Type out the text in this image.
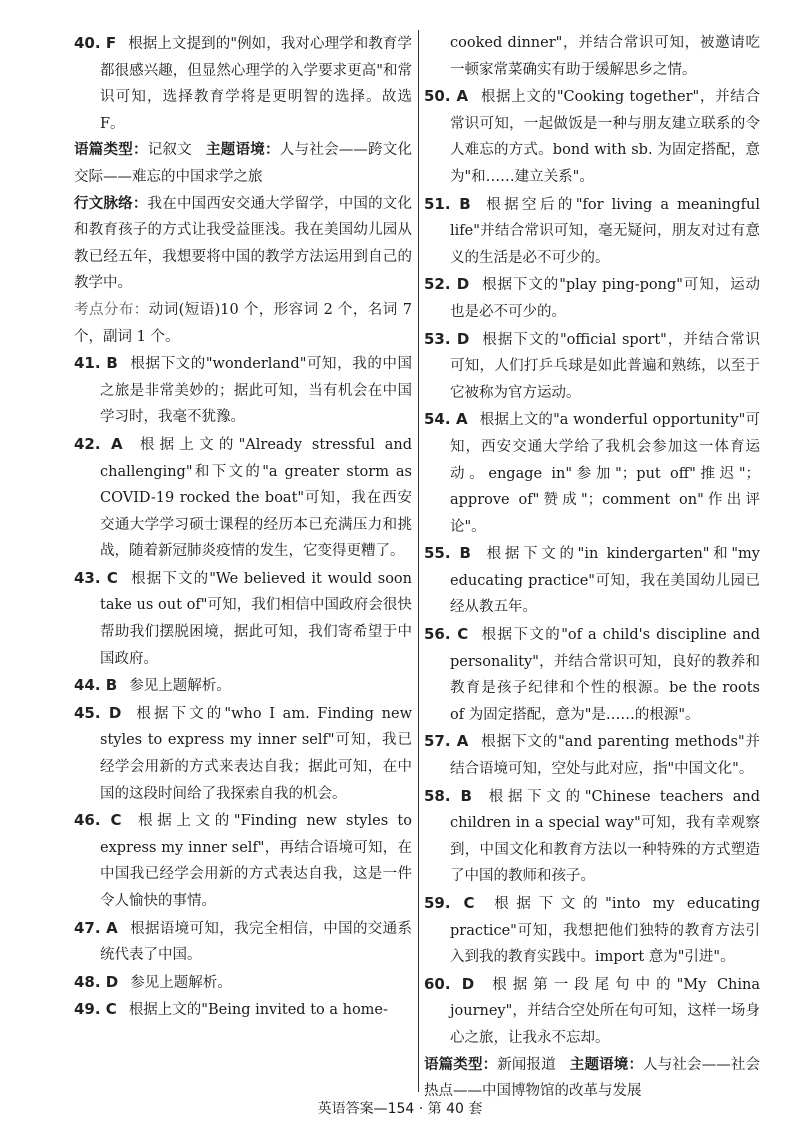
40. F 根据上文提到的"例如，我对心理学和教育学都很感兴趣，但显然心理学的入学要求更高"和常识可知，选择教育学将是更明智的选择。故选 F。

语篇类型：记叙文 主题语境：人与社会——跨文化交际——难忘的中国求学之旅

行文脉络：我在中国西安交通大学留学，中国的文化和教育孩子的方式让我受益匪浅。我在美国幼儿园从教已经五年，我想要将中国的教学方法运用到自己的教学中。

考点分布：动词(短语)10 个，形容词 2 个，名词 7 个，副词 1 个。

41. B 根据下文的"wonderland"可知，我的中国之旅是非常美妙的；据此可知，当有机会在中国学习时，我毫不犹豫。

42. A 根据上文的"Already stressful and challenging"和下文的"a greater storm as COVID-19 rocked the boat"可知，我在西安交通大学学习硕士课程的经历本已充满压力和挑战，随着新冠肺炎疫情的发生，它变得更糟了。

43. C 根据下文的"We believed it would soon take us out of"可知，我们相信中国政府会很快帮助我们摆脱困境，据此可知，我们寄希望于中国政府。

44. B 参见上题解析。

45. D 根据下文的"who I am. Finding new styles to express my inner self"可知，我已经学会用新的方式来表达自我；据此可知，在中国的这段时间给了我探索自我的机会。

46. C 根据上文的"Finding new styles to express my inner self"，再结合语境可知，在中国我已经学会用新的方式表达自我，这是一件令人愉快的事情。

47. A 根据语境可知，我完全相信，中国的交通系统代表了中国。

48. D 参见上题解析。

49. C 根据上文的"Being invited to a home-

cooked dinner"，并结合常识可知，被邀请吃一顿家常菜确实有助于缓解思乡之情。

50. A 根据上文的"Cooking together"，并结合常识可知，一起做饭是一种与朋友建立联系的令人难忘的方式。bond with sb. 为固定搭配，意为"和……建立关系"。

51. B 根据空后的"for living a meaningful life"并结合常识可知，毫无疑问，朋友对过有意义的生活是必不可少的。

52. D 根据下文的"play ping-pong"可知，运动也是必不可少的。

53. D 根据下文的"official sport"，并结合常识可知，人们打乒乓球是如此普遍和熟练，以至于它被称为官方运动。

54. A 根据上文的"a wonderful opportunity"可知，西安交通大学给了我机会参加这一体育运动。engage in"参加"；put off"推迟"；approve of"赞成"；comment on"作出评论"。

55. B 根据下文的"in kindergarten"和"my educating practice"可知，我在美国幼儿园已经从教五年。

56. C 根据下文的"of a child's discipline and personality"，并结合常识可知，良好的教养和教育是孩子纪律和个性的根源。be the roots of 为固定搭配，意为"是……的根源"。

57. A 根据下文的"and parenting methods"并结合语境可知，空处与此对应，指"中国文化"。

58. B 根据下文的"Chinese teachers and children in a special way"可知，我有幸观察到，中国文化和教育方法以一种特殊的方式塑造了中国的教师和孩子。

59. C 根据下文的"into my educating practice"可知，我想把他们独特的教育方法引入到我的教育实践中。import 意为"引进"。

60. D 根据第一段尾句中的"My China journey"，并结合空处所在句可知，这样一场身心之旅，让我永不忘却。

语篇类型：新闻报道 主题语境：人与社会——社会热点——中国博物馆的改革与发展

英语答案—154 · 第 40 套
